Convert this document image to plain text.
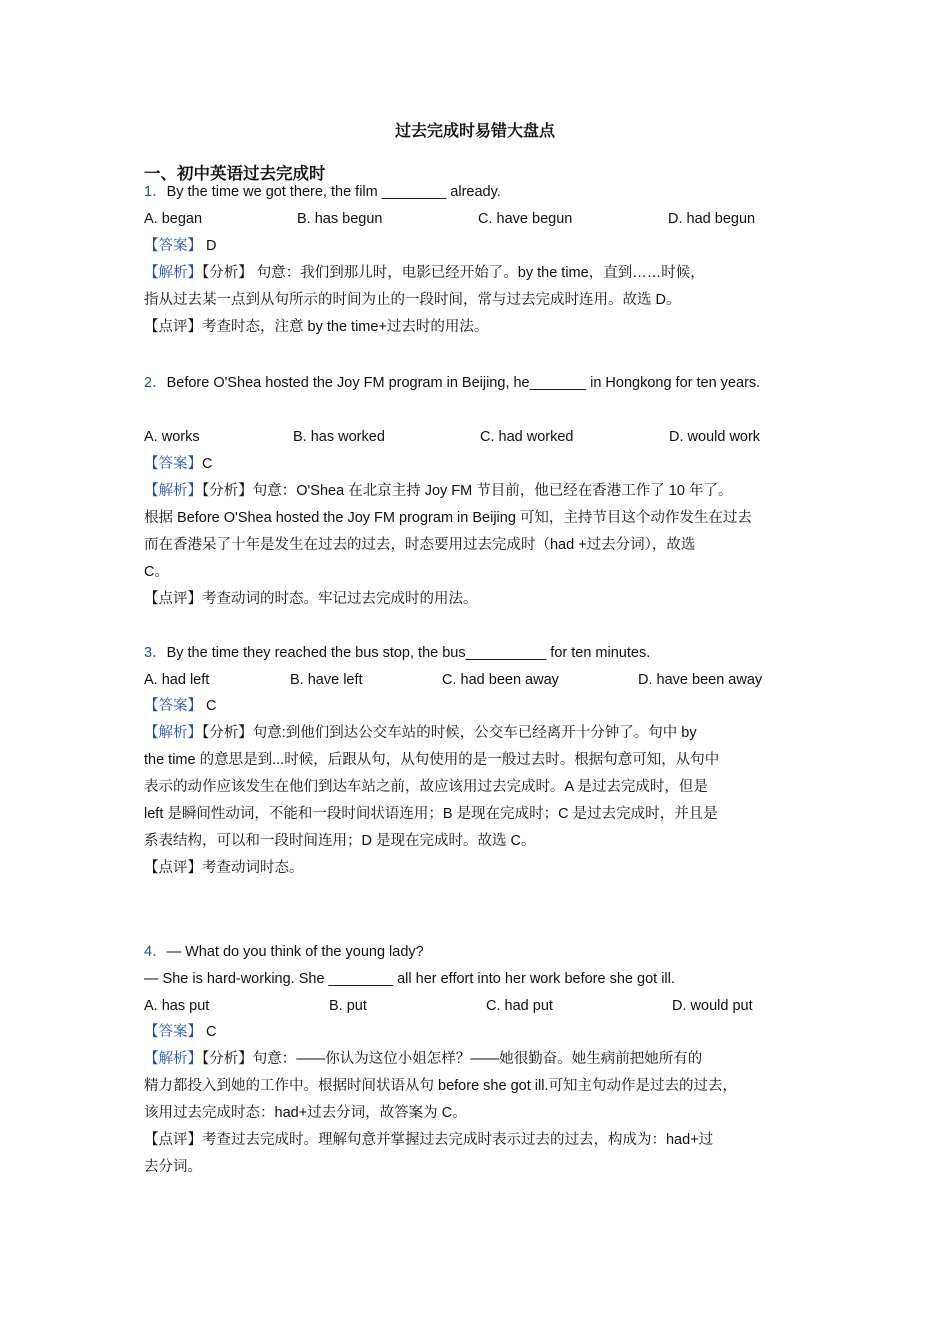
过去完成时易错大盘点
一、初中英语过去完成时
1．By the time we got there, the film ________ already.
A. began	B. has begun	C. have begun	D. had begun
【答案】 D
【解析】【分析】 句意：我们到那儿时，电影已经开始了。by the time，直到……时候，
指从过去某一点到从句所示的时间为止的一段时间，常与过去完成时连用。故选 D。
【点评】考查时态，注意 by the time+过去时的用法。
2．Before O'Shea hosted the Joy FM program in Beijing, he_______ in Hongkong for ten years.
A. works	B. has worked	C. had worked	D. would work
【答案】C
【解析】【分析】句意：O'Shea 在北京主持 Joy FM 节目前，他已经在香港工作了 10 年了。
根据 Before O'Shea hosted the Joy FM program in Beijing 可知，主持节目这个动作发生在过去
而在香港呆了十年是发生在过去的过去，时态要用过去完成时（had +过去分词），故选
C。
【点评】考查动词的时态。牢记过去完成时的用法。
3．By the time they reached the bus stop, the bus__________ for ten minutes.
A. had left	B. have left	C. had been away	D. have been away
【答案】 C
【解析】【分析】句意:到他们到达公交车站的时候，公交车已经离开十分钟了。句中 by
the time 的意思是到...时候，后跟从句，从句使用的是一般过去时。根据句意可知，从句中
表示的动作应该发生在他们到达车站之前，故应该用过去完成时。A 是过去完成时，但是
left 是瞬间性动词，不能和一段时间状语连用；B 是现在完成时；C 是过去完成时，并且是
系表结构，可以和一段时间连用；D 是现在完成时。故选 C。
【点评】考查动词时态。
4．— What do you think of the young lady?
— She is hard-working. She ________ all her effort into her work before she got ill.
A. has put	B. put	C. had put	D. would put
【答案】 C
【解析】【分析】句意：——你认为这位小姐怎样？——她很勤奋。她生病前把她所有的
精力都投入到她的工作中。根据时间状语从句 before she got ill.可知主句动作是过去的过去，
该用过去完成时态：had+过去分词，故答案为 C。
【点评】考查过去完成时。理解句意并掌握过去完成时表示过去的过去，构成为：had+过
去分词。
